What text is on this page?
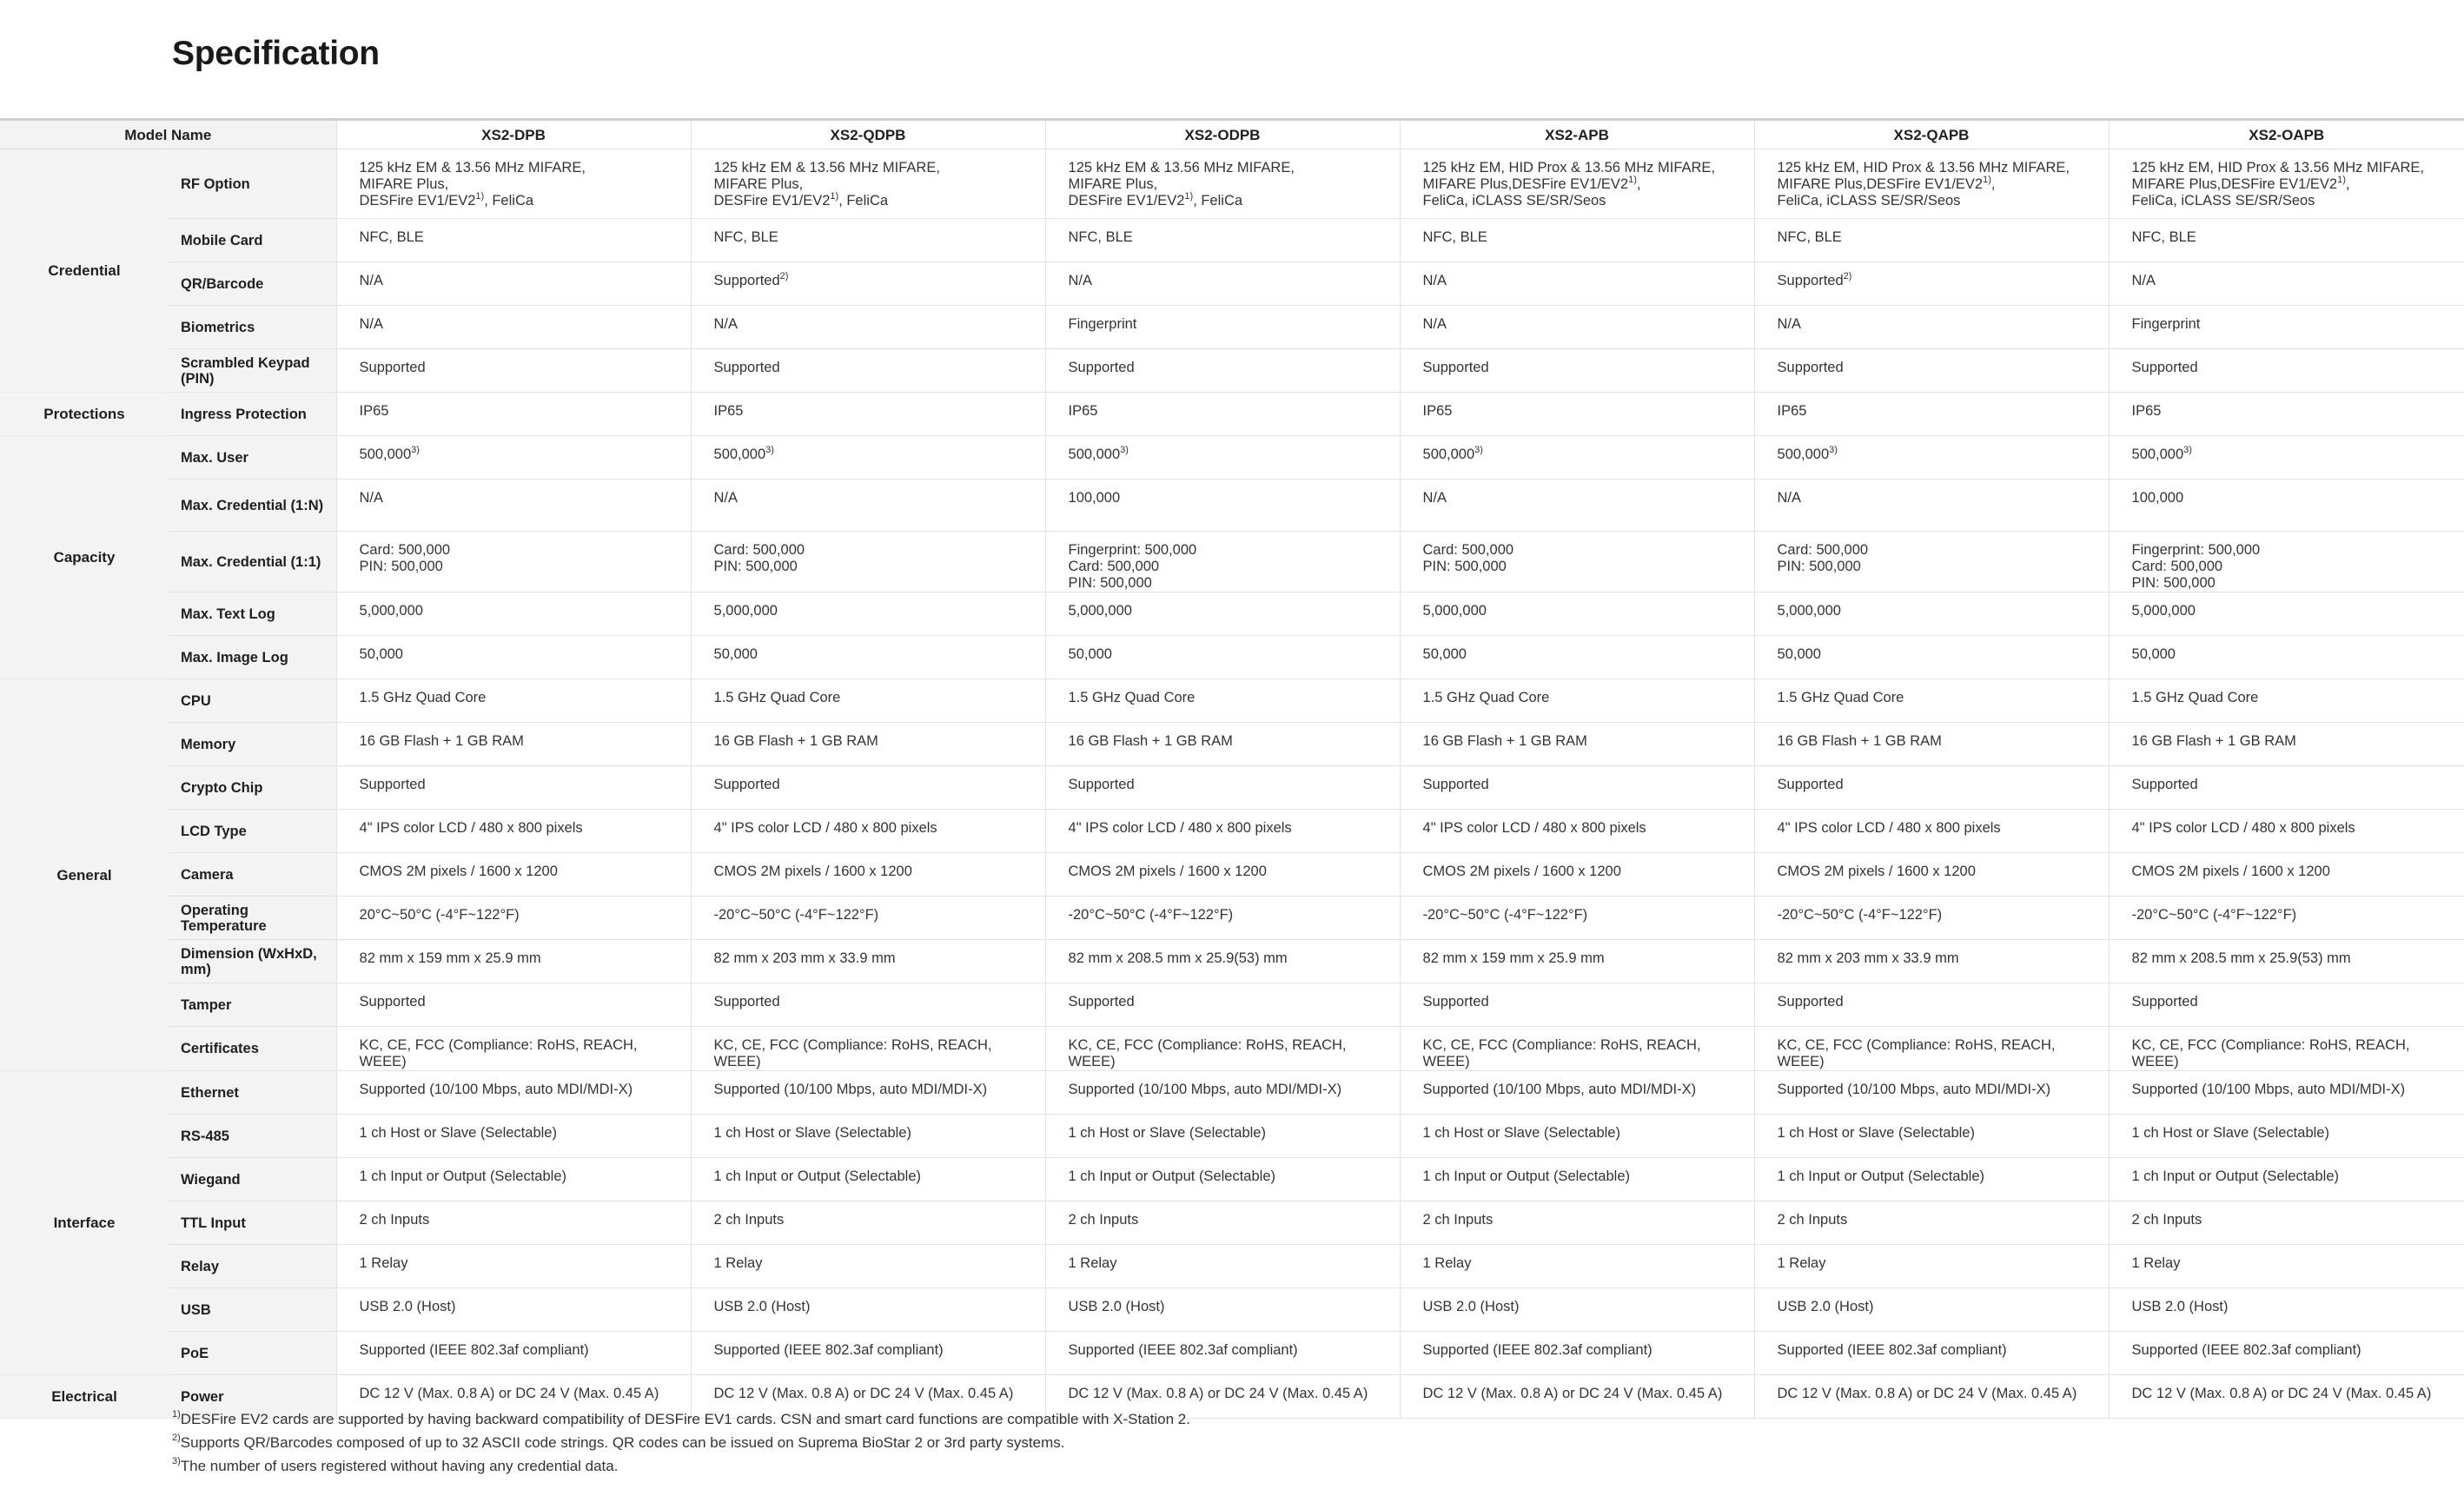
Specification
Model Name		XS2-DPB	XS2-QDPB	XS2-ODPB	XS2-APB	XS2-QAPB	XS2-OAPB
Credential	RF Option	125 kHz EM & 13.56 MHz MIFARE,
MIFARE Plus,
DESFire EV1/EV2$^{1)}$, FeliCa	125 kHz EM & 13.56 MHz MIFARE,
MIFARE Plus,
DESFire EV1/EV2$^{1)}$, FeliCa	125 kHz EM & 13.56 MHz MIFARE,
MIFARE Plus,
DESFire EV1/EV2$^{1)}$, FeliCa	125 kHz EM, HID Prox & 13.56 MHz MIFARE,
MIFARE Plus,DESFire EV1/EV2$^{1)}$,
FeliCa, iCLASS SE/SR/Seos	125 kHz EM, HID Prox & 13.56 MHz MIFARE,
MIFARE Plus,DESFire EV1/EV2$^{1)}$,
FeliCa, iCLASS SE/SR/Seos	125 kHz EM, HID Prox & 13.56 MHz MIFARE,
MIFARE Plus,DESFire EV1/EV2$^{1)}$,
FeliCa, iCLASS SE/SR/Seos

	Mobile Card	NFC, BLE	NFC, BLE	NFC, BLE	NFC, BLE	NFC, BLE	NFC, BLE

	QR/Barcode	N/A	Supported$^{2)}$	N/A	N/A	Supported$^{2)}$	N/A

	Biometrics	N/A	N/A	Fingerprint	N/A	N/A	Fingerprint

	Scrambled Keypad (PIN)	Supported	Supported	Supported	Supported	Supported	Supported

Protections	Ingress Protection	IP65	IP65	IP65	IP65	IP65	IP65

Capacity	Max. User	500,000$^{3)}$	500,000$^{3)}$	500,000$^{3)}$	500,000$^{3)}$	500,000$^{3)}$	500,000$^{3)}$

	Max. Credential (1:N)	N/A	N/A	100,000	N/A	N/A	100,000

	Max. Credential (1:1)	Card: 500,000
PIN: 500,000	Card: 500,000
PIN: 500,000	Fingerprint: 500,000
Card: 500,000
PIN: 500,000	Card: 500,000
PIN: 500,000	Card: 500,000
PIN: 500,000	Fingerprint: 500,000
Card: 500,000
PIN: 500,000

	Max. Text Log	5,000,000	5,000,000	5,000,000	5,000,000	5,000,000	5,000,000

	Max. Image Log	50,000	50,000	50,000	50,000	50,000	50,000

General	CPU	1.5 GHz Quad Core	1.5 GHz Quad Core	1.5 GHz Quad Core	1.5 GHz Quad Core	1.5 GHz Quad Core	1.5 GHz Quad Core

	Memory	16 GB Flash + 1 GB RAM	16 GB Flash + 1 GB RAM	16 GB Flash + 1 GB RAM	16 GB Flash + 1 GB RAM	16 GB Flash + 1 GB RAM	16 GB Flash + 1 GB RAM

	Crypto Chip	Supported	Supported	Supported	Supported	Supported	Supported

	LCD Type	4" IPS color LCD / 480 x 800 pixels	4" IPS color LCD / 480 x 800 pixels	4" IPS color LCD / 480 x 800 pixels	4" IPS color LCD / 480 x 800 pixels	4" IPS color LCD / 480 x 800 pixels	4" IPS color LCD / 480 x 800 pixels

	Camera	CMOS 2M pixels / 1600 x 1200	CMOS 2M pixels / 1600 x 1200	CMOS 2M pixels / 1600 x 1200	CMOS 2M pixels / 1600 x 1200	CMOS 2M pixels / 1600 x 1200	CMOS 2M pixels / 1600 x 1200

	Operating Temperature	20°C~50°C (-4°F~122°F)	-20°C~50°C (-4°F~122°F)	-20°C~50°C (-4°F~122°F)	-20°C~50°C (-4°F~122°F)	-20°C~50°C (-4°F~122°F)	-20°C~50°C (-4°F~122°F)

	Dimension (WxHxD, mm)	82 mm x 159 mm x 25.9 mm	82 mm x 203 mm x 33.9 mm	82 mm x 208.5 mm x 25.9(53) mm	82 mm x 159 mm x 25.9 mm	82 mm x 203 mm x 33.9 mm	82 mm x 208.5 mm x 25.9(53) mm

	Tamper	Supported	Supported	Supported	Supported	Supported	Supported

	Certificates	KC, CE, FCC (Compliance: RoHS, REACH,
WEEE)	KC, CE, FCC (Compliance: RoHS, REACH,
WEEE)	KC, CE, FCC (Compliance: RoHS, REACH,
WEEE)	KC, CE, FCC (Compliance: RoHS, REACH,
WEEE)	KC, CE, FCC (Compliance: RoHS, REACH,
WEEE)	KC, CE, FCC (Compliance: RoHS, REACH,
WEEE)

Interface	Ethernet	Supported (10/100 Mbps, auto MDI/MDI-X)	Supported (10/100 Mbps, auto MDI/MDI-X)	Supported (10/100 Mbps, auto MDI/MDI-X)	Supported (10/100 Mbps, auto MDI/MDI-X)	Supported (10/100 Mbps, auto MDI/MDI-X)	Supported (10/100 Mbps, auto MDI/MDI-X)

	RS-485	1 ch Host or Slave (Selectable)	1 ch Host or Slave (Selectable)	1 ch Host or Slave (Selectable)	1 ch Host or Slave (Selectable)	1 ch Host or Slave (Selectable)	1 ch Host or Slave (Selectable)

	Wiegand	1 ch Input or Output (Selectable)	1 ch Input or Output (Selectable)	1 ch Input or Output (Selectable)	1 ch Input or Output (Selectable)	1 ch Input or Output (Selectable)	1 ch Input or Output (Selectable)

	TTL Input	2 ch Inputs	2 ch Inputs	2 ch Inputs	2 ch Inputs	2 ch Inputs	2 ch Inputs

	Relay	1 Relay	1 Relay	1 Relay	1 Relay	1 Relay	1 Relay

	USB	USB 2.0 (Host)	USB 2.0 (Host)	USB 2.0 (Host)	USB 2.0 (Host)	USB 2.0 (Host)	USB 2.0 (Host)

	PoE	Supported (IEEE 802.3af compliant)	Supported (IEEE 802.3af compliant)	Supported (IEEE 802.3af compliant)	Supported (IEEE 802.3af compliant)	Supported (IEEE 802.3af compliant)	Supported (IEEE 802.3af compliant)

Electrical	Power	DC 12 V (Max. 0.8 A) or DC 24 V (Max. 0.45 A)	DC 12 V (Max. 0.8 A) or DC 24 V (Max. 0.45 A)	DC 12 V (Max. 0.8 A) or DC 24 V (Max. 0.45 A)	DC 12 V (Max. 0.8 A) or DC 24 V (Max. 0.45 A)	DC 12 V (Max. 0.8 A) or DC 24 V (Max. 0.45 A)	DC 12 V (Max. 0.8 A) or DC 24 V (Max. 0.45 A)
$^{1)}$DESFire EV2 cards are supported by having backward compatibility of DESFire EV1 cards. CSN and smart card functions are compatible with X-Station 2.
$^{2)}$Supports QR/Barcodes composed of up to 32 ASCII code strings. QR codes can be issued on Suprema BioStar 2 or 3rd party systems.
$^{3)}$The number of users registered without having any credential data.
